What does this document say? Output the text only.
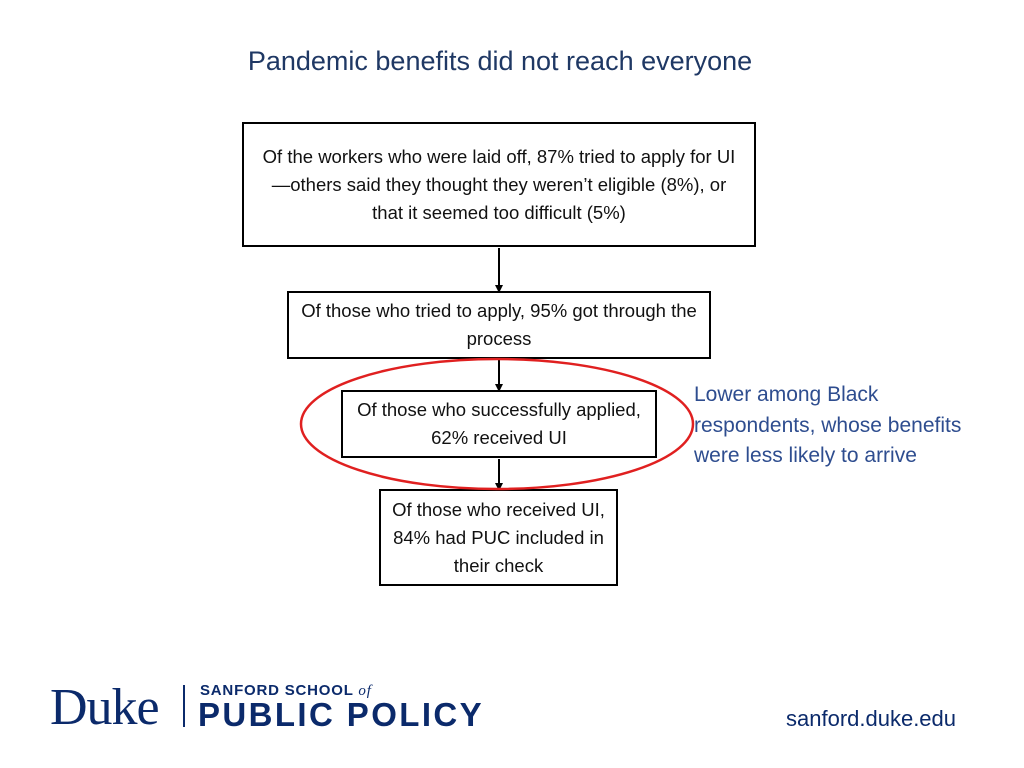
Pandemic benefits did not reach everyone
Of the workers who were laid off, 87% tried to apply for UI—others said they thought they weren’t eligible (8%), or that it seemed too difficult (5%)
Of those who tried to apply, 95% got through the process
Of those who successfully applied, 62% received UI
Of those who received UI, 84% had PUC included in their check
Lower among Black respondents, whose benefits were less likely to arrive
Duke	SANFORD SCHOOL of
PUBLIC POLICY	sanford.duke.edu
